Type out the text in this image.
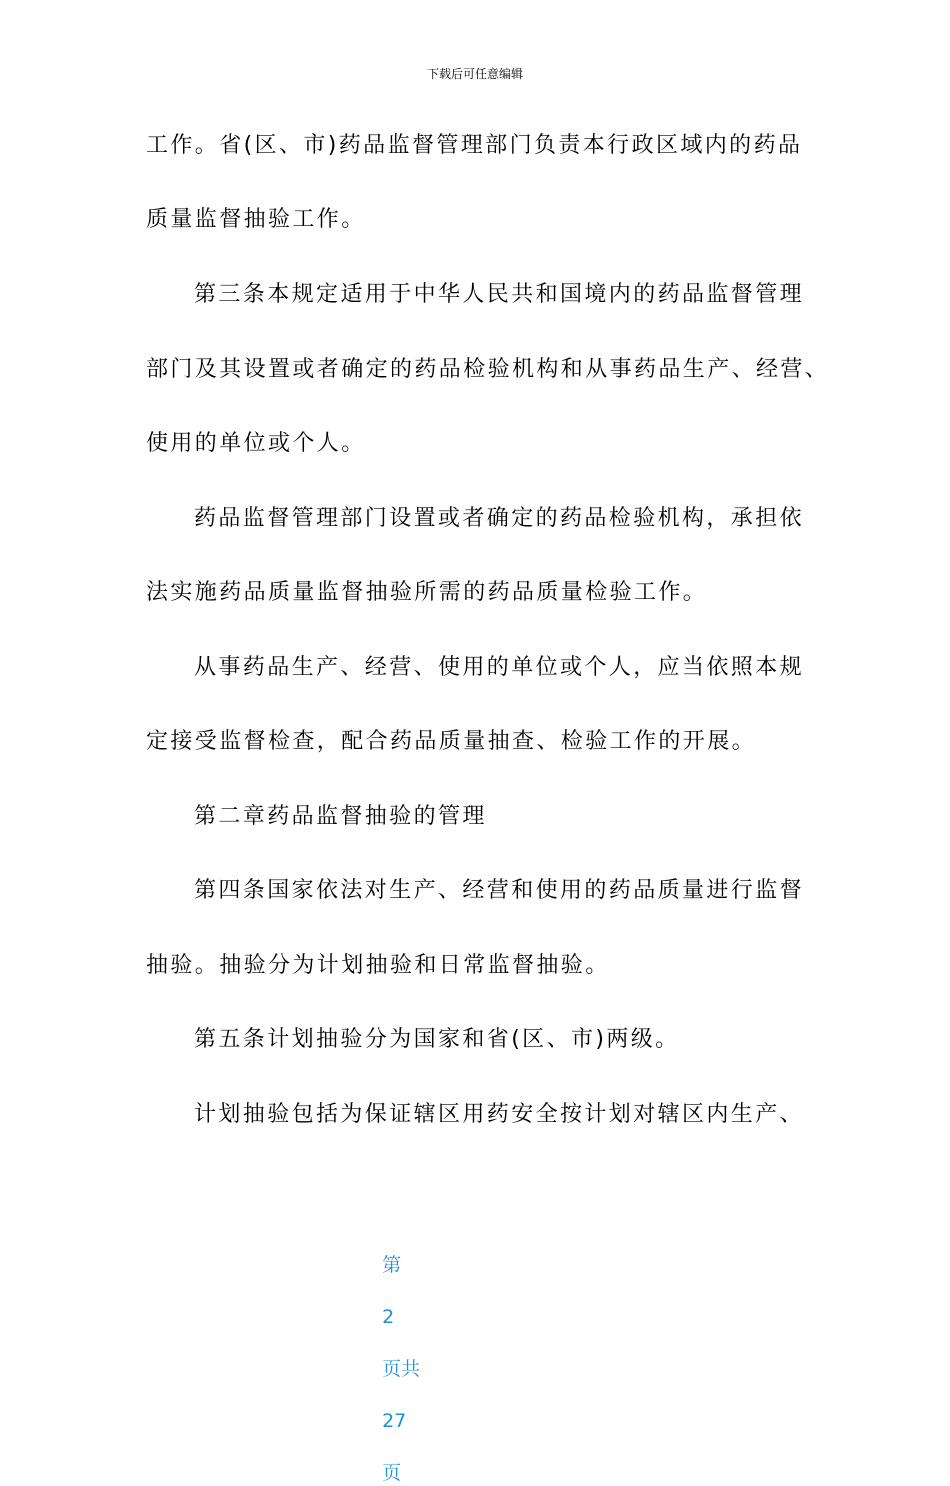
下载后可任意编辑
工作。省(区、市)药品监督管理部门负责本行政区域内的药品
质量监督抽验工作。
第三条本规定适用于中华人民共和国境内的药品监督管理
部门及其设置或者确定的药品检验机构和从事药品生产、经营、
使用的单位或个人。
药品监督管理部门设置或者确定的药品检验机构，承担依
法实施药品质量监督抽验所需的药品质量检验工作。
从事药品生产、经营、使用的单位或个人，应当依照本规
定接受监督检查，配合药品质量抽查、检验工作的开展。
第二章药品监督抽验的管理
第四条国家依法对生产、经营和使用的药品质量进行监督
抽验。抽验分为计划抽验和日常监督抽验。
第五条计划抽验分为国家和省(区、市)两级。
计划抽验包括为保证辖区用药安全按计划对辖区内生产、

第

2

页共

27

页
